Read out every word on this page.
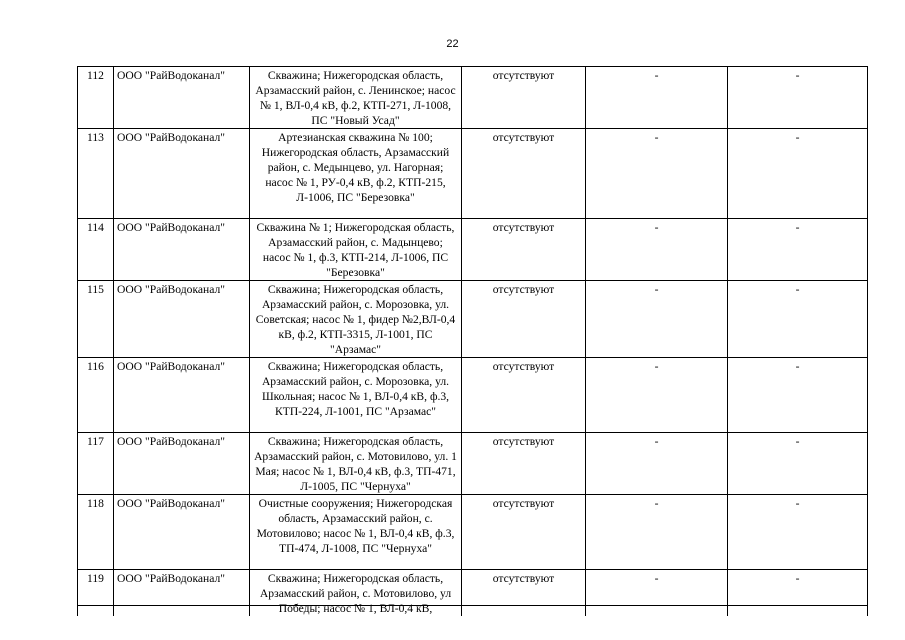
22
112	ООО "РайВодоканал"	Скважина; Нижегородская область, Арзамасский район, с. Ленинское; насос № 1, ВЛ-0,4 кВ, ф.2, КТП-271, Л-1008, ПС "Новый Усад"	отсутствуют	-	-
113	ООО "РайВодоканал"	Артезианская скважина № 100; Нижегородская область, Арзамасский район, с. Медынцево, ул. Нагорная; насос № 1, РУ-0,4 кВ, ф.2, КТП-215, Л-1006, ПС "Березовка"	отсутствуют	-	-
114	ООО "РайВодоканал"	Скважина № 1; Нижегородская область, Арзамасский район, с. Мадынцево; насос № 1, ф.3, КТП-214, Л-1006, ПС "Березовка"	отсутствуют	-	-
115	ООО "РайВодоканал"	Скважина; Нижегородская область, Арзамасский район, с. Морозовка, ул. Советская; насос № 1, фидер №2,ВЛ-0,4 кВ, ф.2, КТП-3315, Л-1001, ПС "Арзамас"	отсутствуют	-	-
116	ООО "РайВодоканал"	Скважина; Нижегородская область, Арзамасский район, с. Морозовка, ул. Школьная; насос № 1, ВЛ-0,4 кВ, ф.3, КТП-224, Л-1001, ПС "Арзамас"	отсутствуют	-	-
117	ООО "РайВодоканал"	Скважина; Нижегородская область, Арзамасский район, с. Мотовилово, ул. 1 Мая; насос № 1, ВЛ-0,4 кВ, ф.3, ТП-471, Л-1005, ПС "Чернуха"	отсутствуют	-	-
118	ООО "РайВодоканал"	Очистные сооружения; Нижегородская область, Арзамасский район, с. Мотовилово; насос № 1, ВЛ-0,4 кВ, ф.3, ТП-474, Л-1008, ПС "Чернуха"	отсутствуют	-	-
119	ООО "РайВодоканал"	Скважина; Нижегородская область, Арзамасский район, с. Мотовилово, ул Победы; насос № 1, ВЛ-0,4 кВ,	отсутствуют	-	-
